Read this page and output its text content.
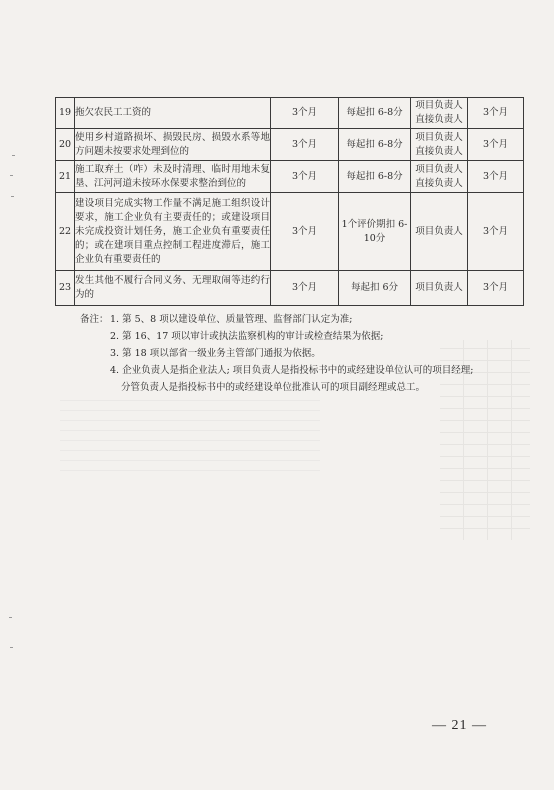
19	拖欠农民工工资的	3个月	每起扣 6-8分	项目负责人直接负责人	3个月
20	使用乡村道路损坏、损毁民房、损毁水系等地方问题未按要求处理到位的	3个月	每起扣 6-8分	项目负责人直接负责人	3个月
21	施工取弃土（咋）未及时清理、临时用地未复垦、江河河道未按环水保要求整治到位的	3个月	每起扣 6-8分	项目负责人直接负责人	3个月
22	建设项目完成实物工作量不满足施工组织设计要求，施工企业负有主要责任的；或建设项目未完成投资计划任务，施工企业负有重要责任的；或在建项目重点控制工程进度滞后，施工企业负有重要责任的	3个月	1个评价期扣 6-10分	项目负责人	3个月
23	发生其他不履行合同义务、无理取闹等违约行为的	3个月	每起扣 6分	项目负责人	3个月
备注：1. 第 5、8 项以建设单位、质量管理、监督部门认定为准;
2. 第 16、17 项以审计或执法监察机构的审计或检查结果为依据;
3. 第 18 项以部省一级业务主管部门通报为依据。
4. 企业负责人是指企业法人; 项目负责人是指投标书中的或经建设单位认可的项目经理;
分管负责人是指投标书中的或经建设单位批准认可的项目副经理或总工。
— 21 —
